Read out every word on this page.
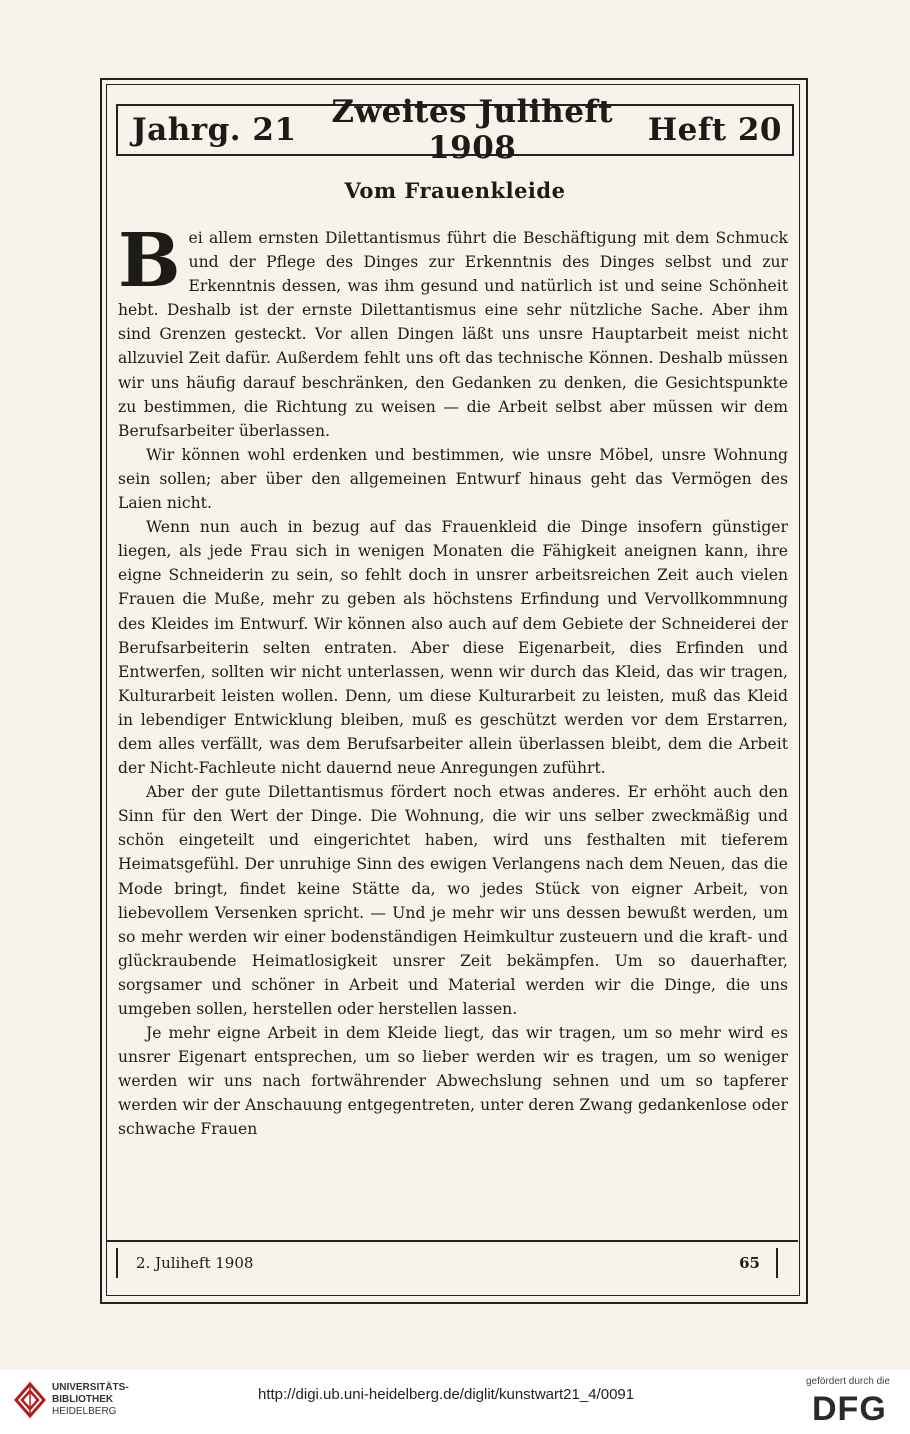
Jahrg. 21	Zweites Juliheft 1908	Heft 20
Vom Frauenkleide

Bei allem ernsten Dilettantismus führt die Beschäftigung mit dem Schmuck und der Pflege des Dinges zur Erkenntnis des Dinges selbst und zur Erkenntnis dessen, was ihm gesund und natürlich ist und seine Schönheit hebt. Deshalb ist der ernste Dilettantismus eine sehr nützliche Sache. Aber ihm sind Grenzen gesteckt. Vor allen Dingen läßt uns unsre Hauptarbeit meist nicht allzuviel Zeit dafür. Außerdem fehlt uns oft das technische Können. Deshalb müssen wir uns häufig darauf beschränken, den Gedanken zu denken, die Gesichtspunkte zu bestimmen, die Richtung zu weisen — die Arbeit selbst aber müssen wir dem Berufsarbeiter überlassen.

Wir können wohl erdenken und bestimmen, wie unsre Möbel, unsre Wohnung sein sollen; aber über den allgemeinen Entwurf hinaus geht das Vermögen des Laien nicht.

Wenn nun auch in bezug auf das Frauenkleid die Dinge insofern günstiger liegen, als jede Frau sich in wenigen Monaten die Fähigkeit aneignen kann, ihre eigne Schneiderin zu sein, so fehlt doch in unsrer arbeitsreichen Zeit auch vielen Frauen die Muße, mehr zu geben als höchstens Erfindung und Vervollkommnung des Kleides im Entwurf. Wir können also auch auf dem Gebiete der Schneiderei der Berufsarbeiterin selten entraten. Aber diese Eigenarbeit, dies Erfinden und Entwerfen, sollten wir nicht unterlassen, wenn wir durch das Kleid, das wir tragen, Kulturarbeit leisten wollen. Denn, um diese Kulturarbeit zu leisten, muß das Kleid in lebendiger Entwicklung bleiben, muß es geschützt werden vor dem Erstarren, dem alles verfällt, was dem Berufsarbeiter allein überlassen bleibt, dem die Arbeit der Nicht-Fachleute nicht dauernd neue Anregungen zuführt.

Aber der gute Dilettantismus fördert noch etwas anderes. Er erhöht auch den Sinn für den Wert der Dinge. Die Wohnung, die wir uns selber zweckmäßig und schön eingeteilt und eingerichtet haben, wird uns festhalten mit tieferem Heimatsgefühl. Der unruhige Sinn des ewigen Verlangens nach dem Neuen, das die Mode bringt, findet keine Stätte da, wo jedes Stück von eigner Arbeit, von liebevollem Versenken spricht. — Und je mehr wir uns dessen bewußt werden, um so mehr werden wir einer bodenständigen Heimkultur zusteuern und die kraft- und glückraubende Heimatlosigkeit unsrer Zeit bekämpfen. Um so dauerhafter, sorgsamer und schöner in Arbeit und Material werden wir die Dinge, die uns umgeben sollen, herstellen oder herstellen lassen.

Je mehr eigne Arbeit in dem Kleide liegt, das wir tragen, um so mehr wird es unsrer Eigenart entsprechen, um so lieber werden wir es tragen, um so weniger werden wir uns nach fortwährender Abwechslung sehnen und um so tapferer werden wir der Anschauung entgegentreten, unter deren Zwang gedankenlose oder schwache Frauen

2. Juliheft 1908	65
UNIVERSITÄTS-
BIBLIOTHEK
HEIDELBERG
http://digi.ub.uni-heidelberg.de/diglit/kunstwart21_4/0091
gefördert durch die
DFG
